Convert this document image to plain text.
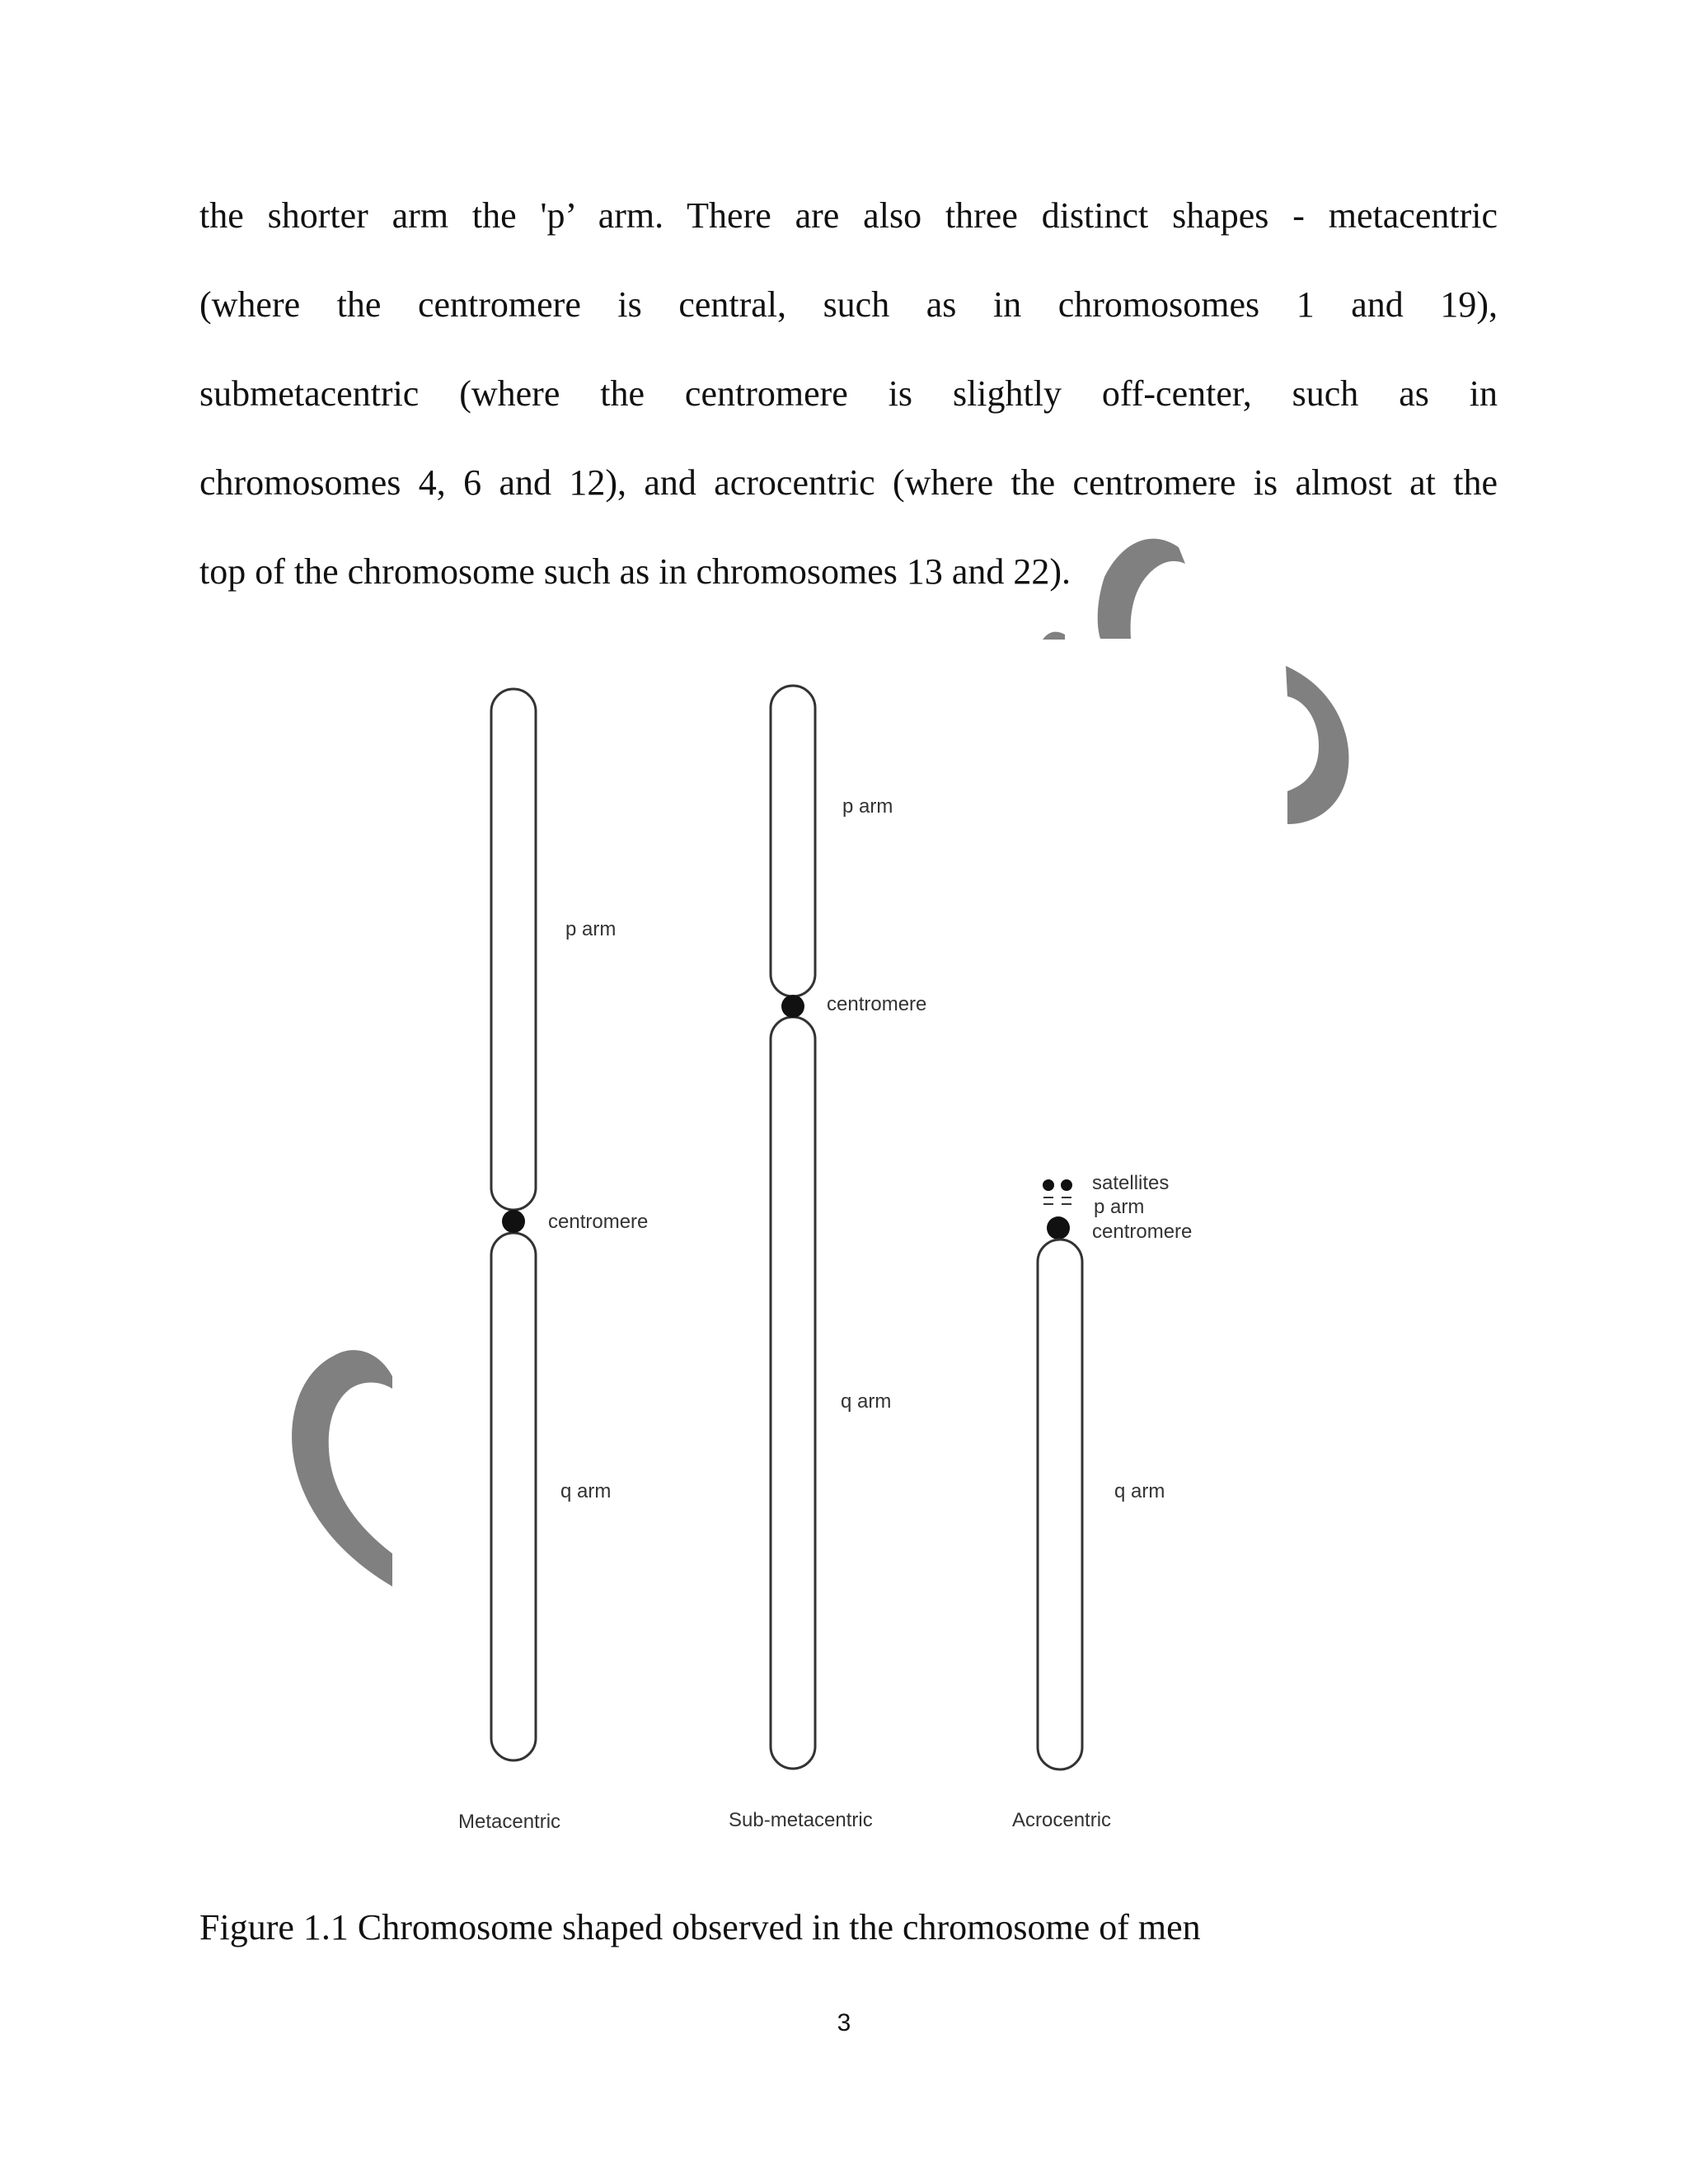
the shorter arm the 'p’ arm. There are also three distinct shapes - metacentric
(where the centromere is central, such as in chromosomes 1 and 19),
submetacentric (where the centromere is slightly off-center, such as in
chromosomes 4, 6 and 12), and acrocentric (where the centromere is almost at the
top of the chromosome such as in chromosomes 13 and 22).
p arm
centromere
q arm
Metacentric
p arm
centromere
q arm
Sub-metacentric
satellites
p arm
centromere
q arm
Acrocentric
Figure 1.1 Chromosome shaped observed in the chromosome of men
3
